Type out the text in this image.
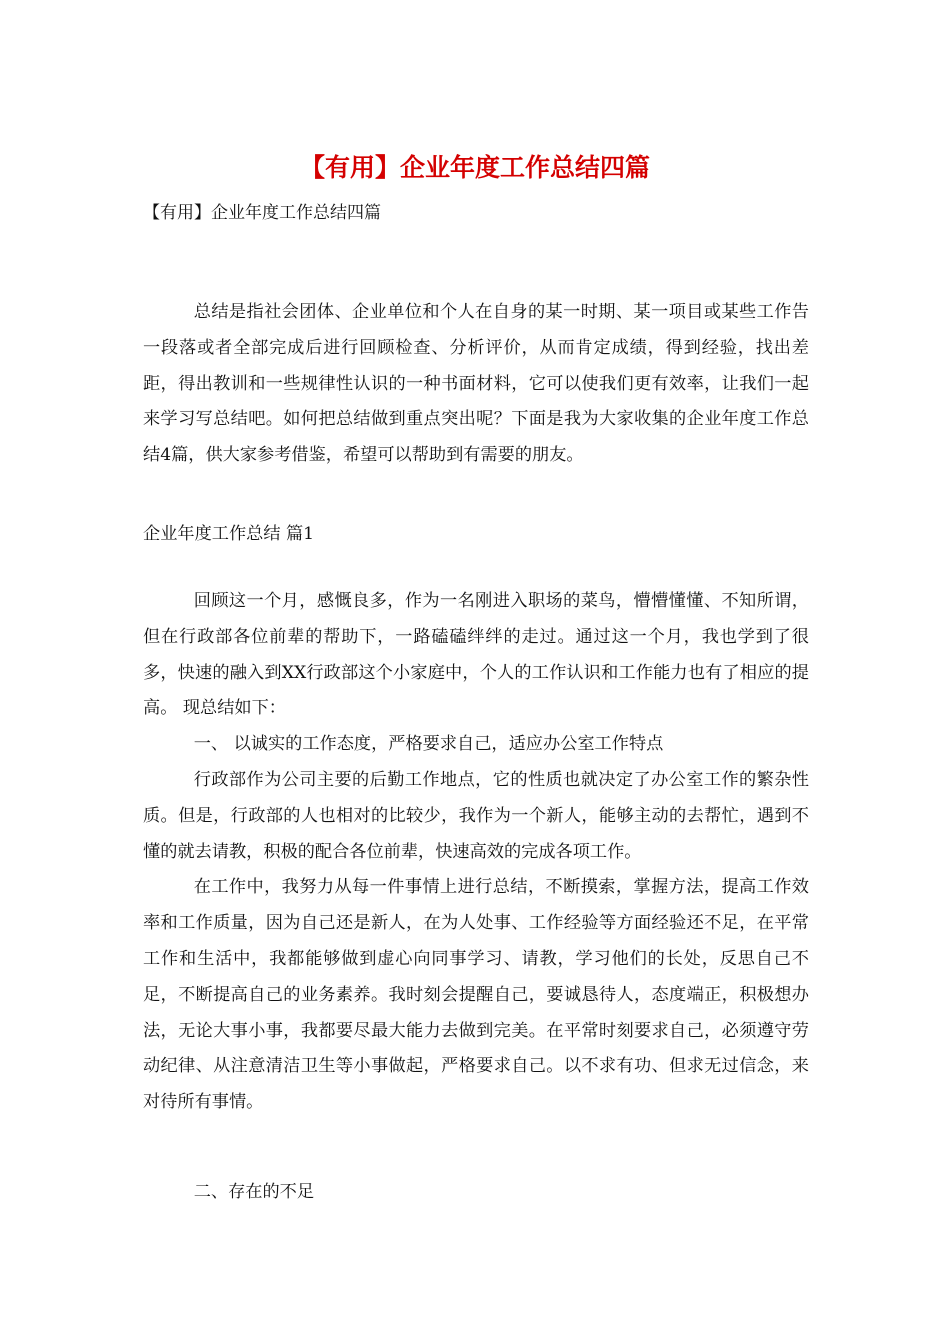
【有用】企业年度工作总结四篇
【有用】企业年度工作总结四篇

总结是指社会团体、企业单位和个人在自身的某一时期、某一项目或某些工作告一段落或者全部完成后进行回顾检查、分析评价，从而肯定成绩，得到经验，找出差距，得出教训和一些规律性认识的一种书面材料，它可以使我们更有效率，让我们一起来学习写总结吧。如何把总结做到重点突出呢？下面是我为大家收集的企业年度工作总结4篇，供大家参考借鉴，希望可以帮助到有需要的朋友。

企业年度工作总结 篇1

回顾这一个月，感慨良多，作为一名刚进入职场的菜鸟，懵懵懂懂、不知所谓，但在行政部各位前辈的帮助下，一路磕磕绊绊的走过。通过这一个月，我也学到了很多，快速的融入到XX行政部这个小家庭中，个人的工作认识和工作能力也有了相应的提高。 现总结如下：

一、 以诚实的工作态度，严格要求自己，适应办公室工作特点

行政部作为公司主要的后勤工作地点，它的性质也就决定了办公室工作的繁杂性质。但是，行政部的人也相对的比较少，我作为一个新人，能够主动的去帮忙，遇到不懂的就去请教，积极的配合各位前辈，快速高效的完成各项工作。

在工作中，我努力从每一件事情上进行总结，不断摸索，掌握方法，提高工作效率和工作质量，因为自己还是新人，在为人处事、工作经验等方面经验还不足，在平常工作和生活中，我都能够做到虚心向同事学习、请教，学习他们的长处，反思自己不足，不断提高自己的业务素养。我时刻会提醒自己，要诚恳待人，态度端正，积极想办法，无论大事小事，我都要尽最大能力去做到完美。在平常时刻要求自己，必须遵守劳动纪律、从注意清洁卫生等小事做起，严格要求自己。以不求有功、但求无过信念，来对待所有事情。

二、存在的不足
